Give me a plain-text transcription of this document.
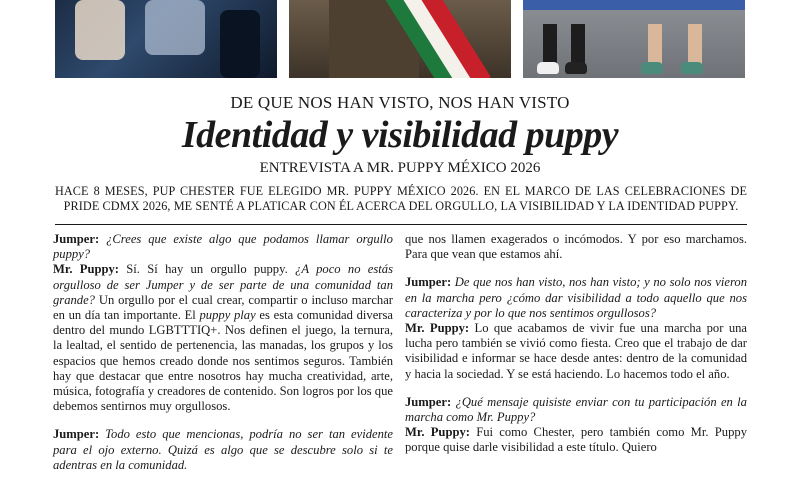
DE QUE NOS HAN VISTO, NOS HAN VISTO
Identidad y visibilidad puppy
ENTREVISTA A MR. PUPPY MÉXICO 2026

HACE 8 MESES, PUP CHESTER FUE ELEGIDO MR. PUPPY MÉXICO 2026. EN EL MARCO DE LAS CELEBRACIONES DE PRIDE CDMX 2026, ME SENTÉ A PLATICAR CON ÉL ACERCA DEL ORGULLO, LA VISIBILIDAD Y LA IDENTIDAD PUPPY.

Jumper: ¿Crees que existe algo que podamos llamar orgullo puppy?

Mr. Puppy: Sí. Sí hay un orgullo puppy. ¿A poco no estás orgulloso de ser Jumper y de ser parte de una comunidad tan grande? Un orgullo por el cual crear, compartir o incluso marchar en un día tan importante. El puppy play es esta comunidad diversa dentro del mundo LGBTTTIQ+. Nos definen el juego, la ternura, la lealtad, el sentido de pertenencia, las manadas, los grupos y los espacios que hemos creado donde nos sentimos seguros. También hay que destacar que entre nosotros hay mucha creatividad, arte, música, fotografía y creadores de contenido. Son logros por los que debemos sentirnos muy orgullosos.

Jumper: Todo esto que mencionas, podría no ser tan evidente para el ojo externo. Quizá es algo que se descubre solo si te adentras en la comunidad.

que nos llamen exagerados o incómodos. Y por eso marchamos. Para que vean que estamos ahí.

Jumper: De que nos han visto, nos han visto; y no solo nos vieron en la marcha pero ¿cómo dar visibilidad a todo aquello que nos caracteriza y por lo que nos sentimos orgullosos?

Mr. Puppy: Lo que acabamos de vivir fue una marcha por una lucha pero también se vivió como fiesta. Creo que el trabajo de dar visibilidad e informar se hace desde antes: dentro de la comunidad y hacia la sociedad. Y se está haciendo. Lo hacemos todo el año.

Jumper: ¿Qué mensaje quisiste enviar con tu participación en la marcha como Mr. Puppy?

Mr. Puppy: Fui como Chester, pero también como Mr. Puppy porque quise darle visibilidad a este título. Quiero
